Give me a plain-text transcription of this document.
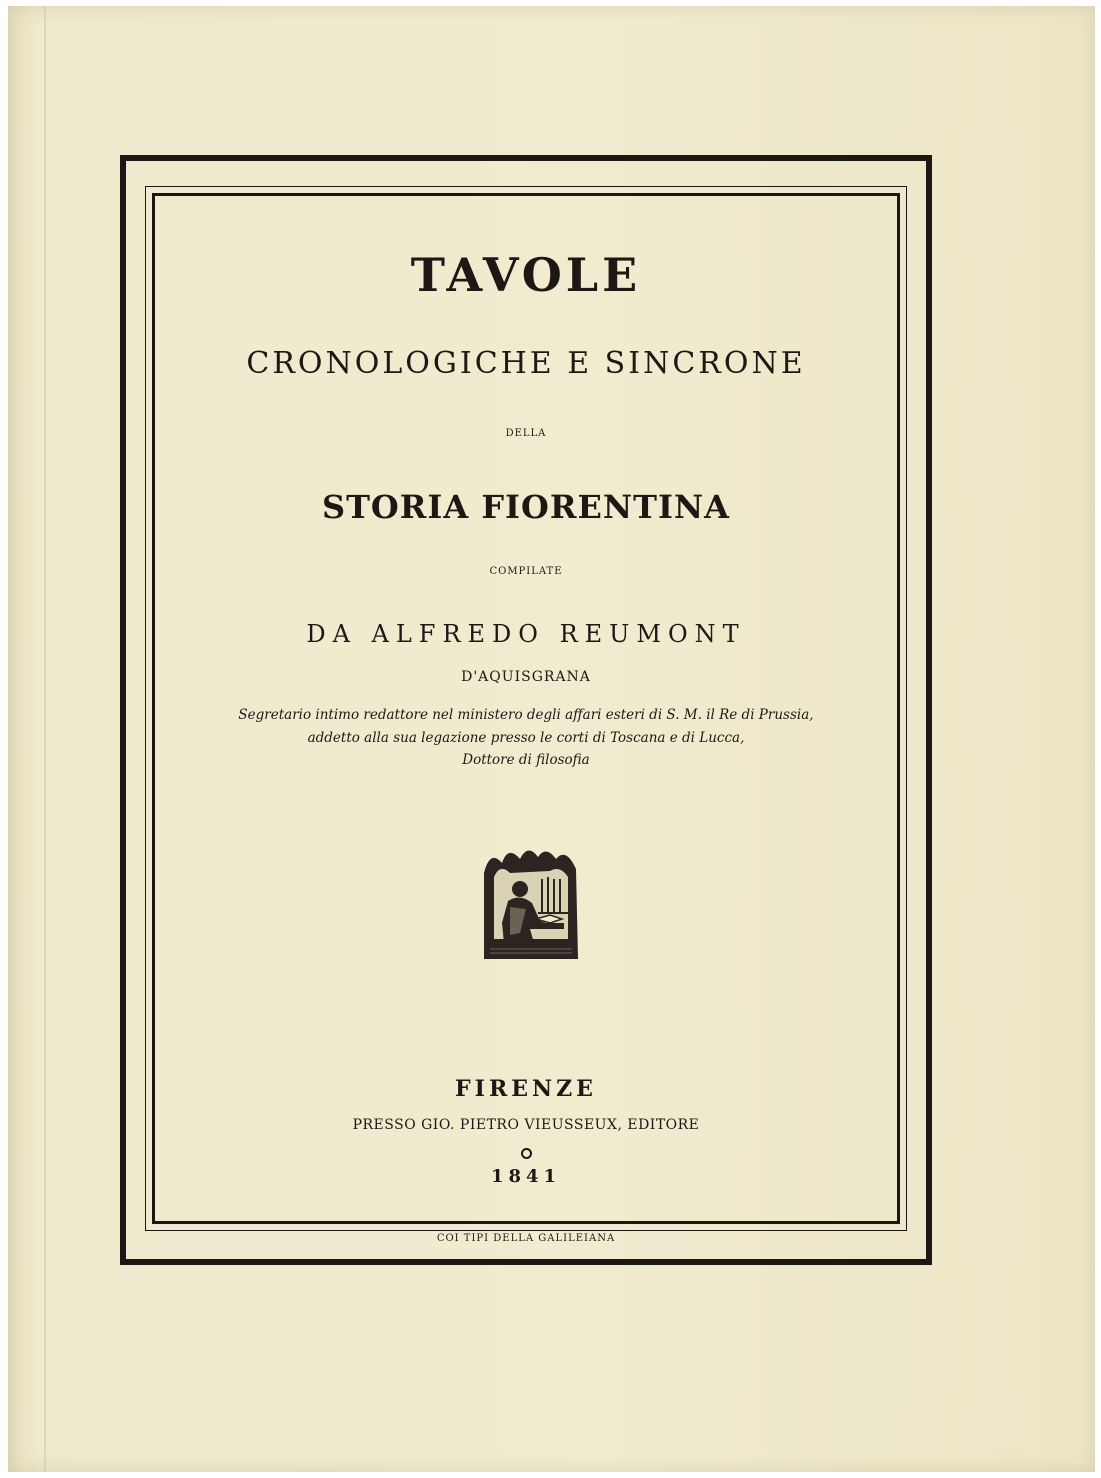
TAVOLE
CRONOLOGICHE E SINCRONE
DELLA
STORIA FIORENTINA
COMPILATE
DA ALFREDO REUMONT
D'AQUISGRANA
Segretario intimo redattore nel ministero degli affari esteri di S. M. il Re di Prussia,
addetto alla sua legazione presso le corti di Toscana e di Lucca,
Dottore di filosofia
FIRENZE
PRESSO GIO. PIETRO VIEUSSEUX, EDITORE
1841
COI TIPI DELLA GALILEIANA
